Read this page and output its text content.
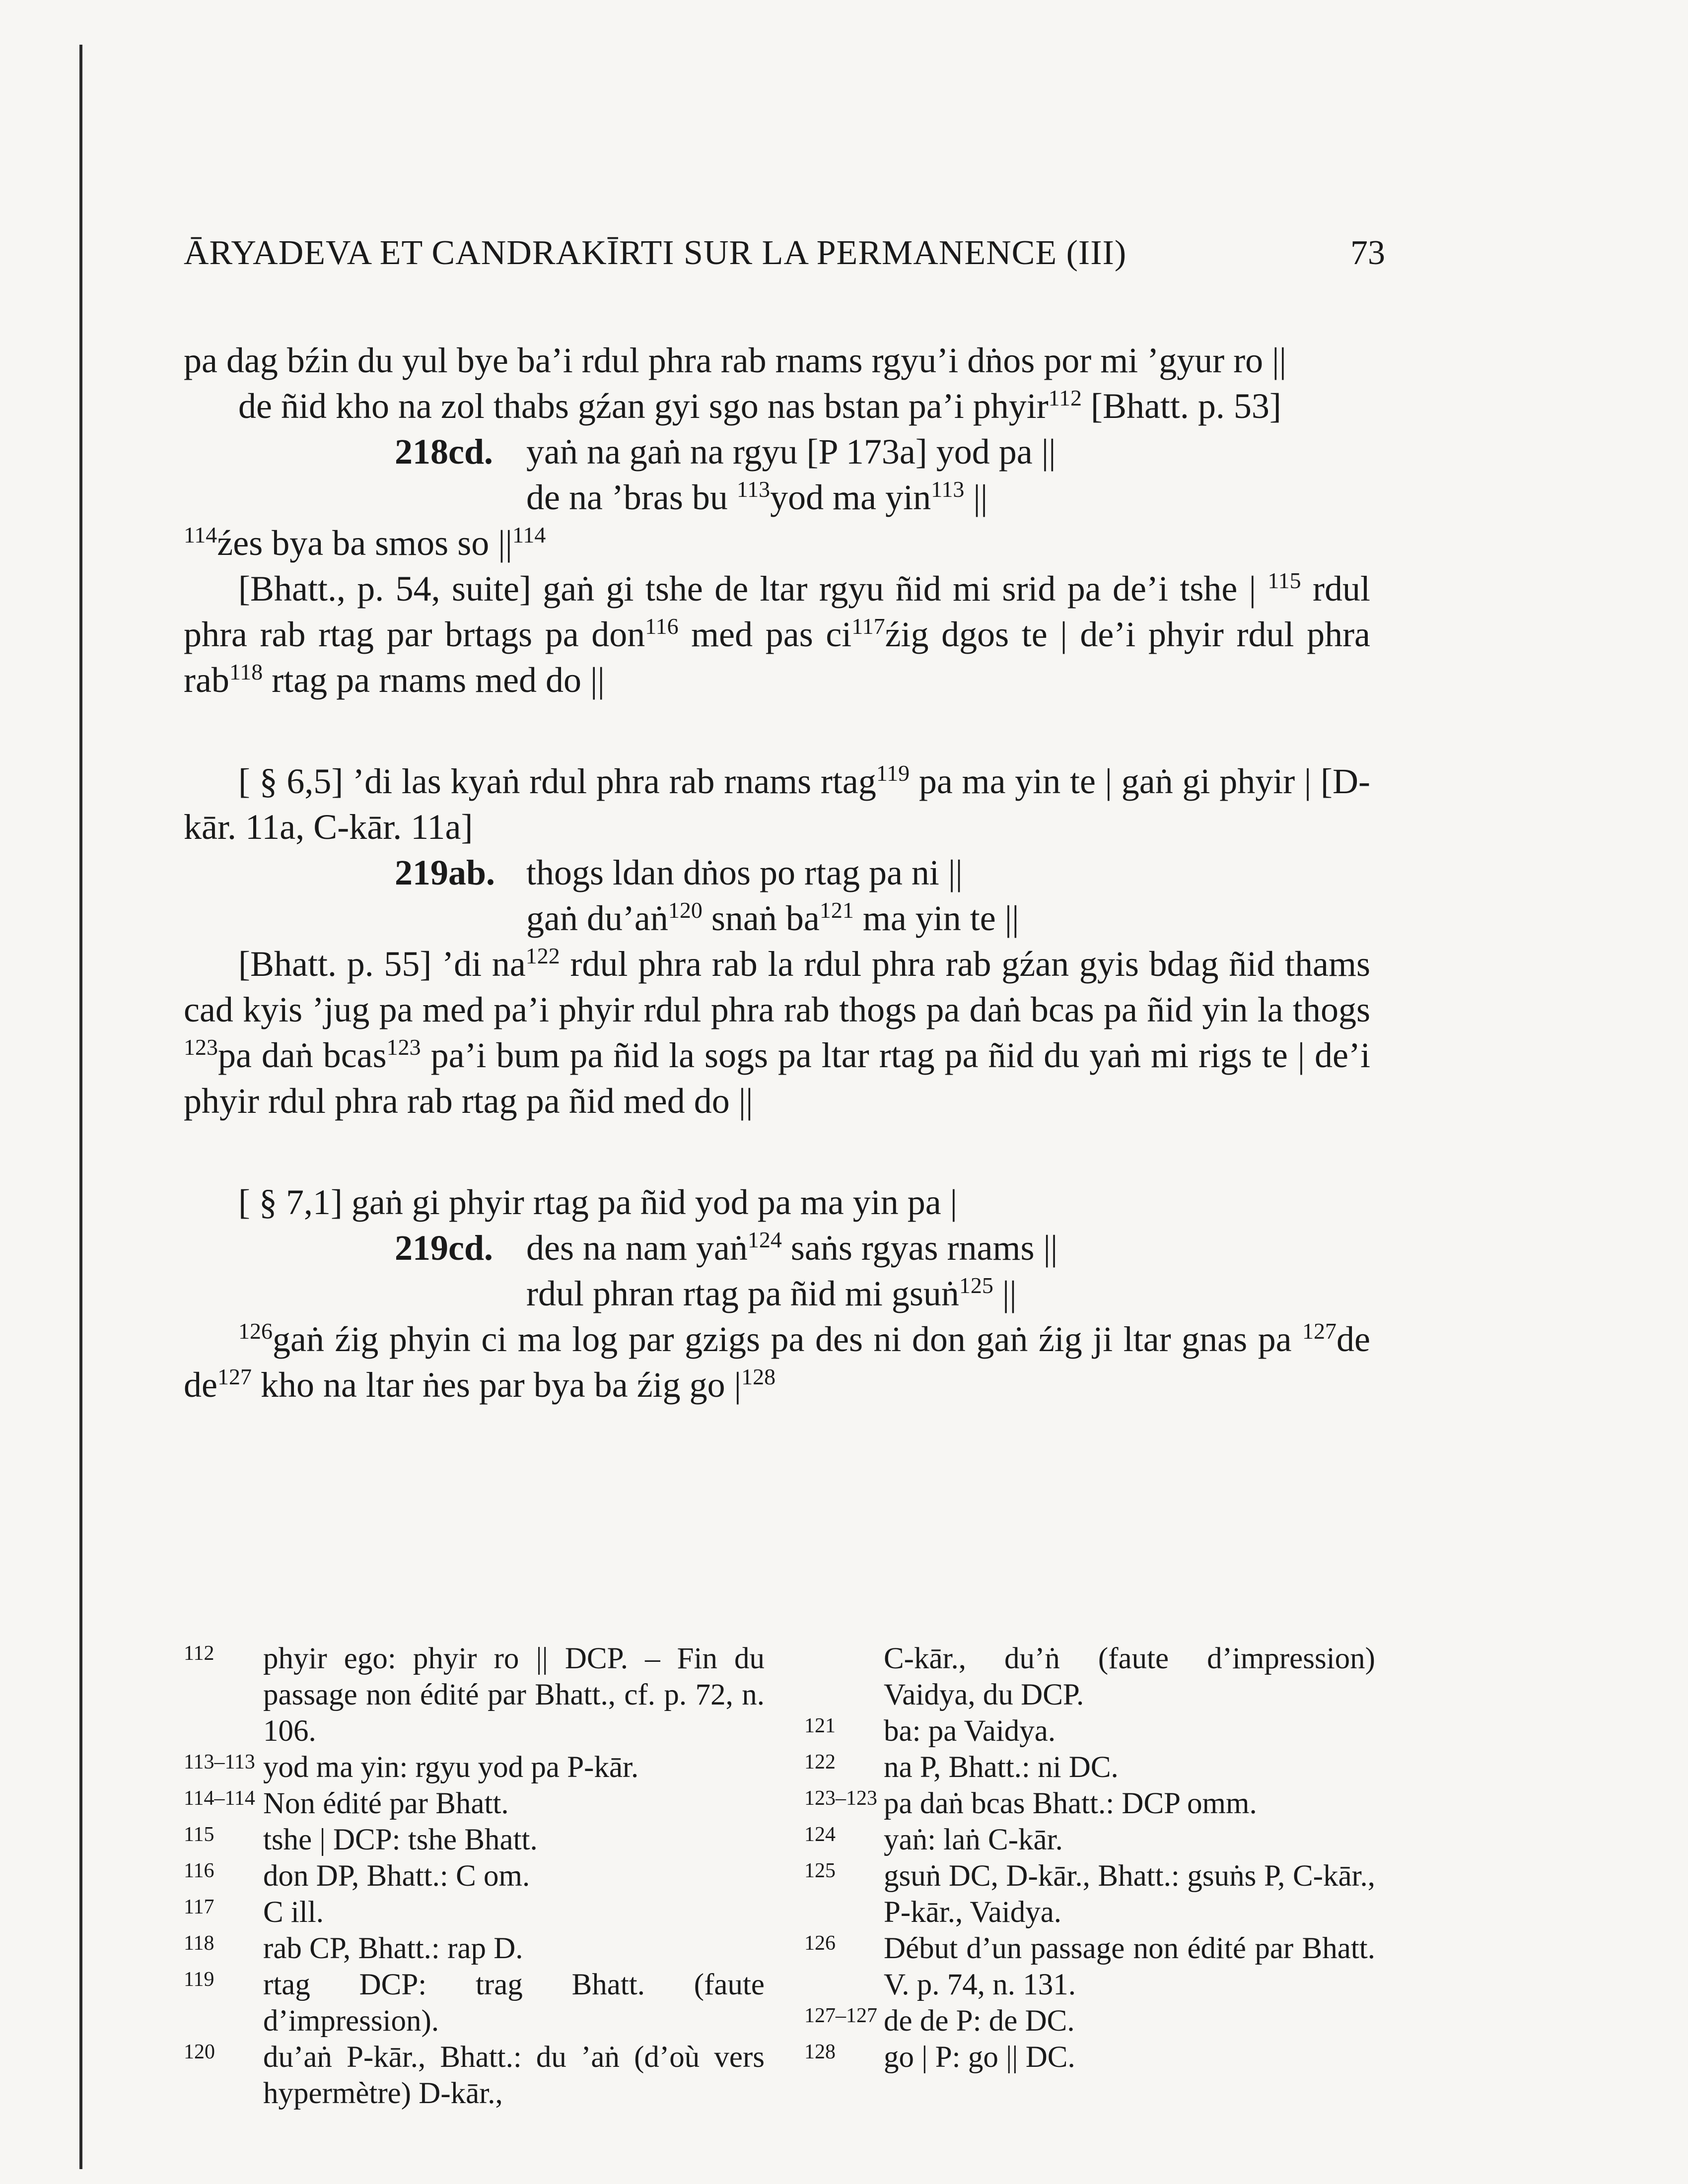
ĀRYADEVA ET CANDRAKĪRTI SUR LA PERMANENCE (III)	73

pa dag bźin du yul bye ba’i rdul phra rab rnams rgyu’i dṅos por mi ’gyur ro ||

de ñid kho na zol thabs gźan gyi sgo nas bstan pa’i phyir$^{112}$ [Bhatt. p. 53]

218cd. yaṅ na gaṅ na rgyu [P 173a] yod pa ||
de na ’bras bu $^{113}$yod ma yin$^{113}$ ||

$^{114}$źes bya ba smos so $||^{114}$

[Bhatt., p. 54, suite] gaṅ gi tshe de ltar rgyu ñid mi srid pa de’i tshe | $^{115}$ rdul phra rab rtag par brtags pa don$^{116}$ med pas $ci^{117}źig$ dgos te | de’i phyir rdul phra rab$^{118}$ rtag pa rnams med do ||

[ § 6,5] ’di las kyaṅ rdul phra rab rnams rtag$^{119}$ pa ma yin te | gaṅ gi phyir | [D-kār. 11a, C-kār. 11a]

219ab. thogs ldan dṅos po rtag pa ni ||
gaṅ du’aṅ$^{120}$ snaṅ $ba^{121}$ ma yin te ||

[Bhatt. p. 55] ’di $na^{122}$ rdul phra rab la rdul phra rab gźan gyis bdag ñid thams cad kyis ’jug pa med pa’i phyir rdul phra rab thogs pa daṅ bcas pa ñid yin la thogs $^{123}$pa daṅ bcas$^{123}$ pa’i bum pa ñid la sogs pa ltar rtag pa ñid du yaṅ mi rigs te | de’i phyir rdul phra rab rtag pa ñid med do ||

[ § 7,1] gaṅ gi phyir rtag pa ñid yod pa ma yin pa |

219cd. des na nam yaṅ$^{124}$ saṅs rgyas rnams ||
rdul phran rtag pa ñid mi gsuṅ$^{125}$ ||

$^{126}$gaṅ źig phyin ci ma log par gzigs pa des ni don gaṅ źig ji ltar gnas pa $^{127}$de $de^{127}$ kho na ltar ṅes par bya ba źig go $|^{128}$

112 phyir ego: phyir ro || DCP. – Fin du passage non édité par Bhatt., cf. p. 72, n. 106.
113–113 yod ma yin: rgyu yod pa P-kār.
114–114 Non édité par Bhatt.
115 tshe | DCP: tshe Bhatt.
116 don DP, Bhatt.: C om.
117 C ill.
118 rab CP, Bhatt.: rap D.
119 rtag DCP: trag Bhatt. (faute d’impression).
120 du’aṅ P-kār., Bhatt.: du ’aṅ (d’où vers hypermètre) D-kār.,
C-kār., du’ṅ (faute d’impression) Vaidya, du DCP.
121 ba: pa Vaidya.
122 na P, Bhatt.: ni DC.
123–123 pa daṅ bcas Bhatt.: DCP omm.
124 yaṅ: laṅ C-kār.
125 gsuṅ DC, D-kār., Bhatt.: gsuṅs P, C-kār., P-kār., Vaidya.
126 Début d’un passage non édité par Bhatt. V. p. 74, n. 131.
127–127 de de P: de DC.
128 go | P: go || DC.
